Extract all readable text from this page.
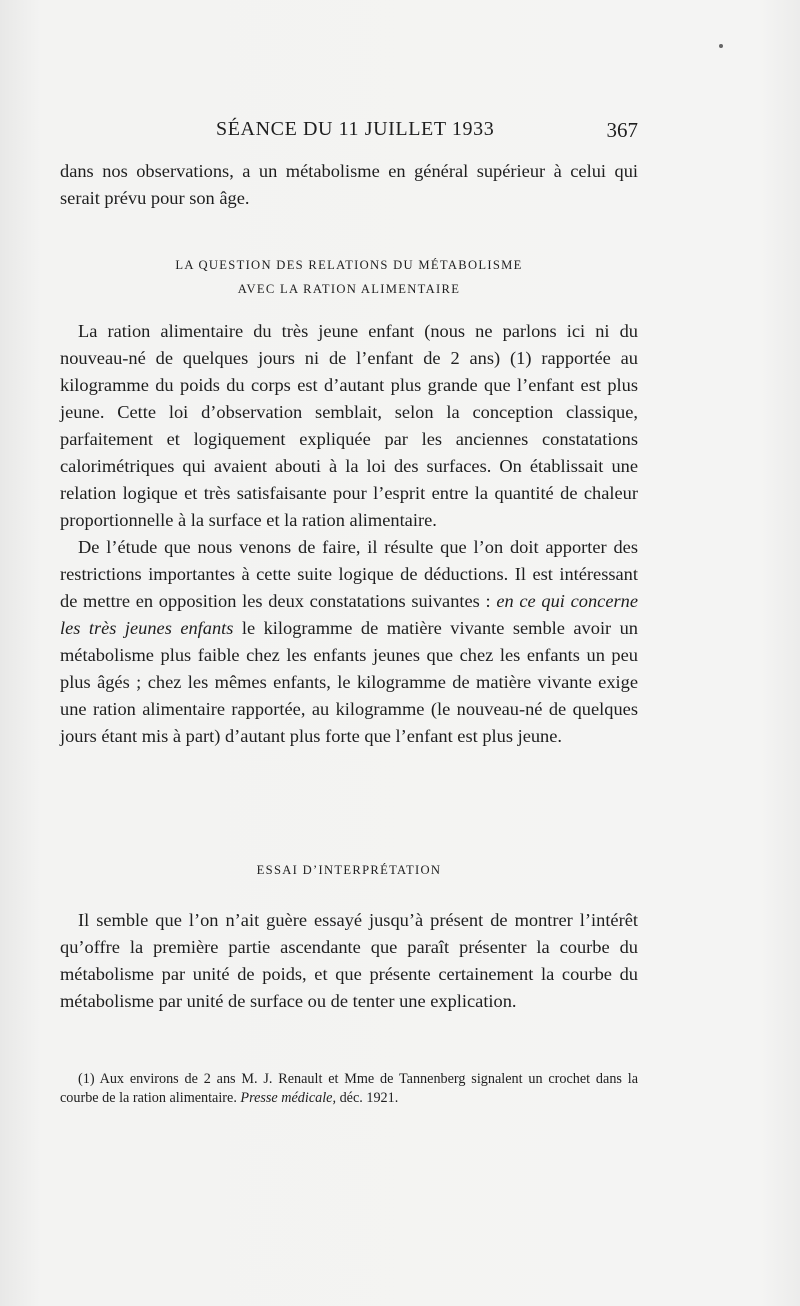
SÉANCE DU 11 JUILLET 1933	367

dans nos observations, a un métabolisme en général supérieur à celui qui serait prévu pour son âge.

LA QUESTION DES RELATIONS DU MÉTABOLISME
AVEC LA RATION ALIMENTAIRE

La ration alimentaire du très jeune enfant (nous ne parlons ici ni du nouveau-né de quelques jours ni de l’enfant de 2 ans) (1) rapportée au kilogramme du poids du corps est d’autant plus grande que l’enfant est plus jeune. Cette loi d’observation semblait, selon la conception classique, parfaitement et logiquement expliquée par les anciennes constatations calorimétriques qui avaient abouti à la loi des surfaces. On établissait une relation logique et très satisfaisante pour l’esprit entre la quantité de chaleur proportionnelle à la surface et la ration alimentaire.

De l’étude que nous venons de faire, il résulte que l’on doit apporter des restrictions importantes à cette suite logique de déductions. Il est intéressant de mettre en opposition les deux constatations suivantes : en ce qui concerne les très jeunes enfants le kilogramme de matière vivante semble avoir un métabolisme plus faible chez les enfants jeunes que chez les enfants un peu plus âgés ; chez les mêmes enfants, le kilogramme de matière vivante exige une ration alimentaire rapportée, au kilogramme (le nouveau-né de quelques jours étant mis à part) d’autant plus forte que l’enfant est plus jeune.

ESSAI D’INTERPRÉTATION

Il semble que l’on n’ait guère essayé jusqu’à présent de montrer l’intérêt qu’offre la première partie ascendante que paraît présenter la courbe du métabolisme par unité de poids, et que présente certainement la courbe du métabolisme par unité de surface ou de tenter une explication.

(1) Aux environs de 2 ans M. J. Renault et Mme de Tannenberg signalent un crochet dans la courbe de la ration alimentaire. Presse médicale, déc. 1921.
